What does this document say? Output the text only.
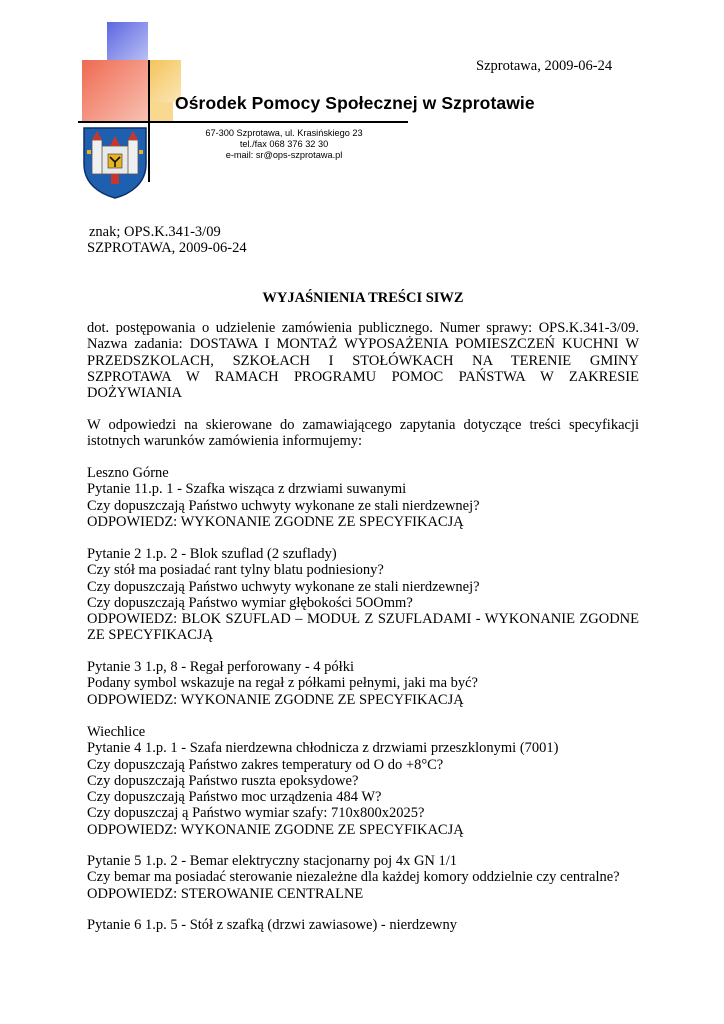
Szprotawa, 2009-06-24
Ośrodek Pomocy Społecznej w Szprotawie
67-300 Szprotawa, ul. Krasińskiego 23
tel./fax 068 376 32 30
e-mail: sr@ops-szprotawa.pl
znak; OPS.K.341-3/09
SZPROTAWA, 2009-06-24
WYJAŚNIENIA TREŚCI SIWZ
dot. postępowania o udzielenie zamówienia publicznego. Numer sprawy: OPS.K.341-3/09.
Nazwa zadania: DOSTAWA I MONTAŻ WYPOSAŻENIA POMIESZCZEŃ KUCHNI W
PRZEDSZKOLACH, SZKOŁACH I STOŁÓWKACH NA TERENIE GMINY
SZPROTAWA W RAMACH PROGRAMU POMOC PAŃSTWA W ZAKRESIE
DOŻYWIANIA
W odpowiedzi na skierowane do zamawiającego zapytania dotyczące treści specyfikacji
istotnych warunków zamówienia informujemy:
Leszno Górne
Pytanie 11.p. 1 - Szafka wisząca z drzwiami suwanymi
Czy dopuszczają Państwo uchwyty wykonane ze stali nierdzewnej?
ODPOWIEDZ: WYKONANIE ZGODNE ZE SPECYFIKACJĄ
Pytanie 2 1.p. 2 - Blok szuflad (2 szuflady)
Czy stół ma posiadać rant tylny blatu podniesiony?
Czy dopuszczają Państwo uchwyty wykonane ze stali nierdzewnej?
Czy dopuszczają Państwo wymiar głębokości 5OOmm?
ODPOWIEDZ: BLOK SZUFLAD – MODUŁ Z SZUFLADAMI - WYKONANIE ZGODNE
ZE SPECYFIKACJĄ
Pytanie 3 1.p, 8 - Regał perforowany - 4 półki
Podany symbol wskazuje na regał z półkami pełnymi, jaki ma być?
ODPOWIEDZ: WYKONANIE ZGODNE ZE SPECYFIKACJĄ
Wiechlice
Pytanie 4 1.p. 1 - Szafa nierdzewna chłodnicza z drzwiami przeszklonymi (7001)
Czy dopuszczają Państwo zakres temperatury od O do +8°C?
Czy dopuszczają Państwo ruszta epoksydowe?
Czy dopuszczają Państwo moc urządzenia 484 W?
Czy dopuszczaj ą Państwo wymiar szafy: 710x800x2025?
ODPOWIEDZ: WYKONANIE ZGODNE ZE SPECYFIKACJĄ
Pytanie 5 1.p. 2 - Bemar elektryczny stacjonarny poj 4x GN 1/1
Czy bemar ma posiadać sterowanie niezależne dla każdej komory oddzielnie czy centralne?
ODPOWIEDZ: STEROWANIE CENTRALNE
Pytanie 6 1.p. 5 - Stół z szafką (drzwi zawiasowe) - nierdzewny
